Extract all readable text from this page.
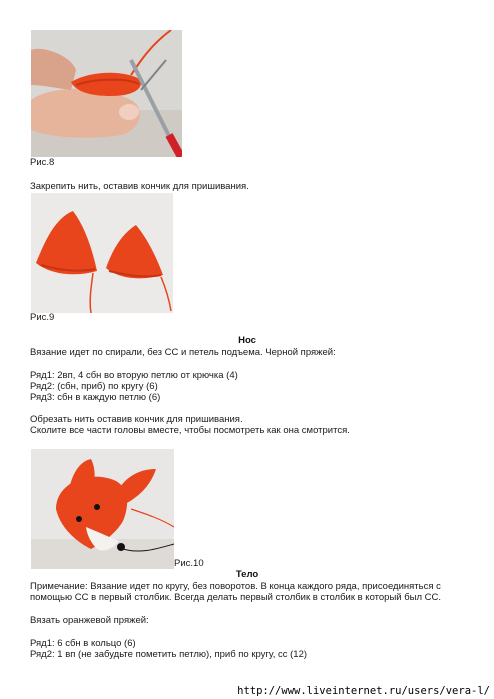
Рис.8
Закрепить нить, оставив кончик для пришивания.
Рис.9
Нос
Вязание идет по спирали, без СС и петель подъема. Черной пряжей:
Ряд1: 2вп, 4 сбн во вторую петлю от крючка (4)
Ряд2: (сбн, приб) по кругу (6)
Ряд3: сбн в каждую петлю (6)
Обрезать нить оставив кончик для пришивания.
Сколите все части головы вместе, чтобы посмотреть как она смотрится.
Рис.10
Тело
Примечание: Вязание идет по кругу, без поворотов. В конца каждого ряда, присоединяться с
помощью СС в первый столбик. Всегда делать первый столбик в столбик в который был СС.
Вязать оранжевой пряжей:
Ряд1: 6 сбн в кольцо (6)
Ряд2: 1 вп (не забудьте пометить петлю), приб по кругу, сс (12)
http://www.liveinternet.ru/users/vera-l/
